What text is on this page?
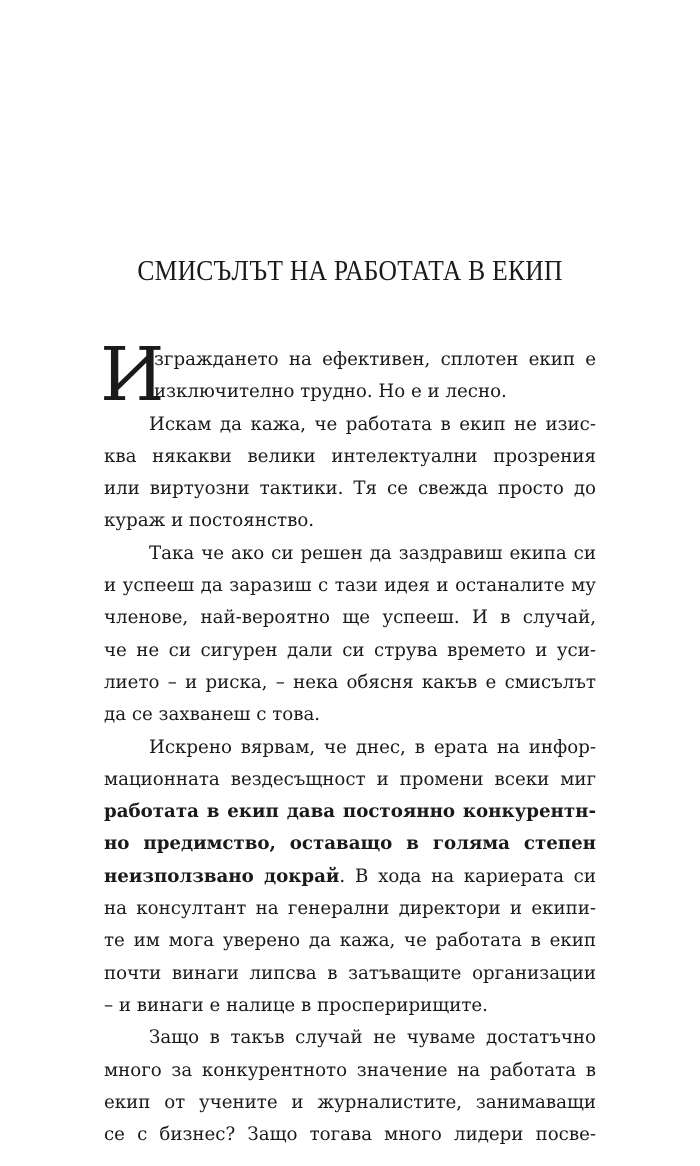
СМИСЪЛЪТ НА РАБОТАТА В ЕКИП
И
зграждането на ефективен, сплотен екип е
изключително трудно. Но е и лесно.
Искам да кажа, че работата в екип не изис-
ква някакви велики интелектуални прозрения
или виртуозни тактики. Тя се свежда просто до
кураж и постоянство.
Така че ако си решен да заздравиш екипа си
и успееш да заразиш с тази идея и останалите му
членове, най-вероятно ще успееш. И в случай,
че не си сигурен дали си струва времето и уси-
лието – и риска, – нека обясня какъв е смисълът
да се захванеш с това.
Искрено вярвам, че днес, в ерата на инфор-
мационната вездесъщност и промени всеки миг
работата в екип дава постоянно конкурентн-
но предимство, оставащо в голяма степен
неизползвано докрай. В хода на кариерата си
на консултант на генерални директори и екипи-
те им мога уверено да кажа, че работата в екип
почти винаги липсва в затъващите организации
– и винаги е налице в просперирищите.
Защо в такъв случай не чуваме достатъчно
много за конкурентното значение на работата в
екип от учените и журналистите, занимаващи
се с бизнес? Защо тогава много лидери посве-
